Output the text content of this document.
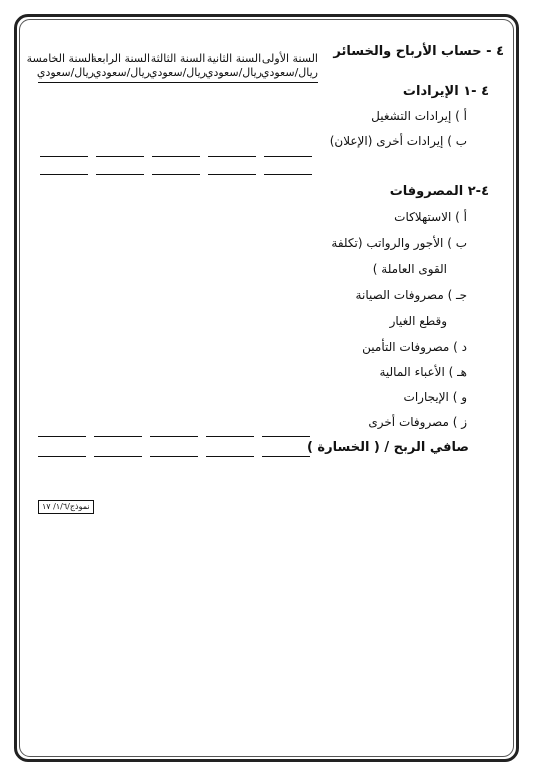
٤ - حساب الأرباح والخسائر
السنة الأولى
ريال/سعودي
السنة الثانية
ريال/سعودي
السنة الثالثة
ريال/سعودي
السنة الرابعة
ريال/سعودي
السنة الخامسة
ريال/سعودي
٤ -١ الإيرادات
أ ) إيرادات التشغيل
ب ) إيرادات أخرى (الإعلان)
٤-٢ المصروفات
أ ) الاستهلاكات
ب ) الأجور والرواتب (تكلفة
القوى العاملة )
جـ ) مصروفات الصيانة
وقطع الغيار
د ) مصروفات التأمين
هـ ) الأعباء المالية
و ) الإيجارات
ز ) مصروفات أخرى
صافي الربح / ( الخسارة )
نموذج/١/٦/ ١٧
